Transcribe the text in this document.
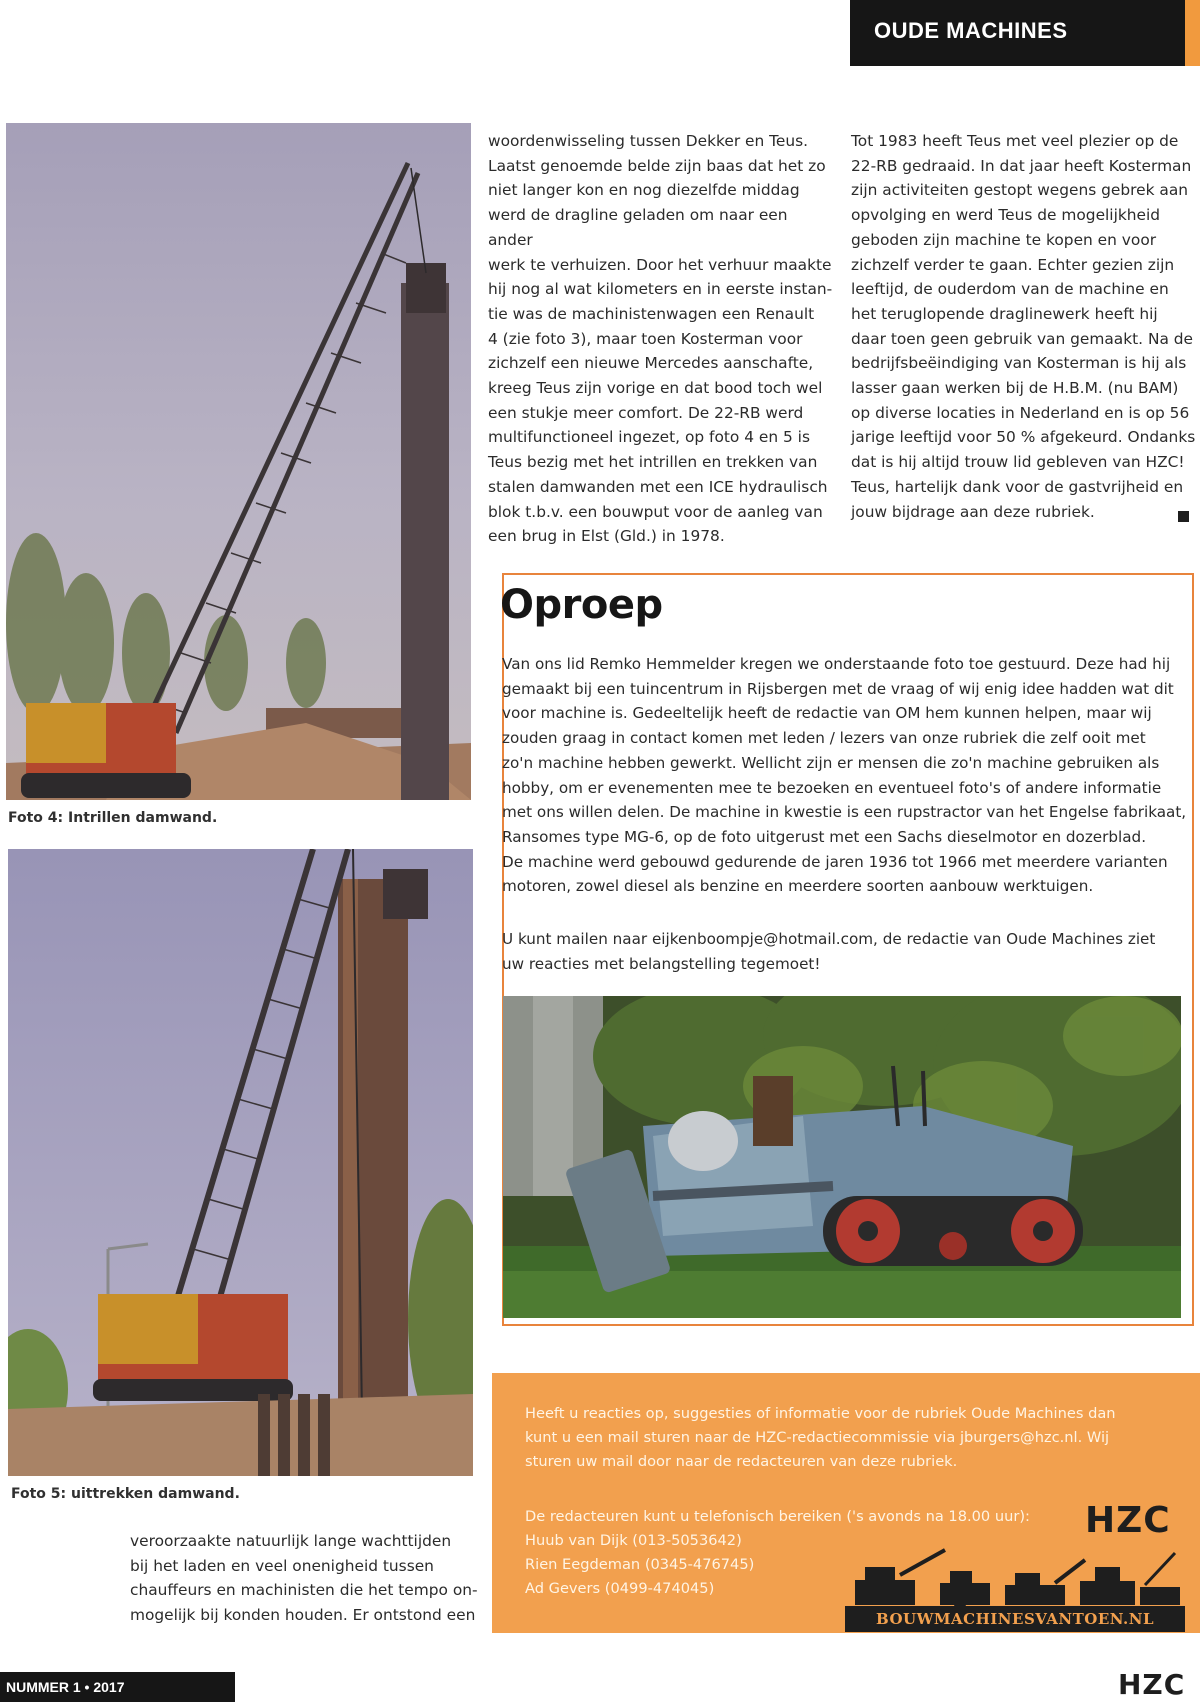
OUDE MACHINES
Foto 4: Intrillen damwand.
Foto 5: uittrekken damwand.

veroorzaakte natuurlijk lange wachttijden

bij het laden en veel onenigheid tussen

chauffeurs en machinisten die het tempo on-

mogelijk bij konden houden. Er ontstond een

woordenwisseling tussen Dekker en Teus.

Laatst genoemde belde zijn baas dat het zo

niet langer kon en nog diezelfde middag

werd de dragline geladen om naar een ander

werk te verhuizen. Door het verhuur maakte

hij nog al wat kilometers en in eerste instan-

tie was de machinistenwagen een Renault

4 (zie foto 3), maar toen Kosterman voor

zichzelf een nieuwe Mercedes aanschafte,

kreeg Teus zijn vorige en dat bood toch wel

een stukje meer comfort. De 22-RB werd

multifunctioneel ingezet, op foto 4 en 5 is

Teus bezig met het intrillen en trekken van

stalen damwanden met een ICE hydraulisch

blok t.b.v. een bouwput voor de aanleg van

een brug in Elst (Gld.) in 1978.

Tot 1983 heeft Teus met veel plezier op de

22-RB gedraaid. In dat jaar heeft Kosterman

zijn activiteiten gestopt wegens gebrek aan

opvolging en werd Teus de mogelijkheid

geboden zijn machine te kopen en voor

zichzelf verder te gaan. Echter gezien zijn

leeftijd, de ouderdom van de machine en

het teruglopende draglinewerk heeft hij

daar toen geen gebruik van gemaakt. Na de

bedrijfsbeëindiging van Kosterman is hij als

lasser gaan werken bij de H.B.M. (nu BAM)

op diverse locaties in Nederland en is op 56

jarige leeftijd voor 50 % afgekeurd. Ondanks

dat is hij altijd trouw lid gebleven van HZC!

Teus, hartelijk dank voor de gastvrijheid en

jouw bijdrage aan deze rubriek.

Oproep

Van ons lid Remko Hemmelder kregen we onderstaande foto toe gestuurd. Deze had hij

gemaakt bij een tuincentrum in Rijsbergen met de vraag of wij enig idee hadden wat dit

voor machine is. Gedeeltelijk heeft de redactie van OM hem kunnen helpen, maar wij

zouden graag in contact komen met leden / lezers van onze rubriek die zelf ooit met

zo'n machine hebben gewerkt. Wellicht zijn er mensen die zo'n machine gebruiken als

hobby, om er evenementen mee te bezoeken en eventueel foto's of andere informatie

met ons willen delen. De machine in kwestie is een rupstractor van het Engelse fabrikaat,

Ransomes type MG-6, op de foto uitgerust met een Sachs dieselmotor en dozerblad.

De machine werd gebouwd gedurende de jaren 1936 tot 1966 met meerdere varianten

motoren, zowel diesel als benzine en meerdere soorten aanbouw werktuigen.

U kunt mailen naar eijkenboompje@hotmail.com, de redactie van Oude Machines ziet

uw reacties met belangstelling tegemoet!

Heeft u reacties op, suggesties of informatie voor de rubriek Oude Machines dan

kunt u een mail sturen naar de HZC-redactiecommissie via jburgers@hzc.nl. Wij

sturen uw mail door naar de redacteuren van deze rubriek.

De redacteuren kunt u telefonisch bereiken ('s avonds na 18.00 uur):

Huub van Dijk (013-5053642)

Rien Eegdeman (0345-476745)

Ad Gevers (0499-474045)

HZC
BOUWMACHINESVANTOEN.NL
NUMMER 1 • 2017	HZC
